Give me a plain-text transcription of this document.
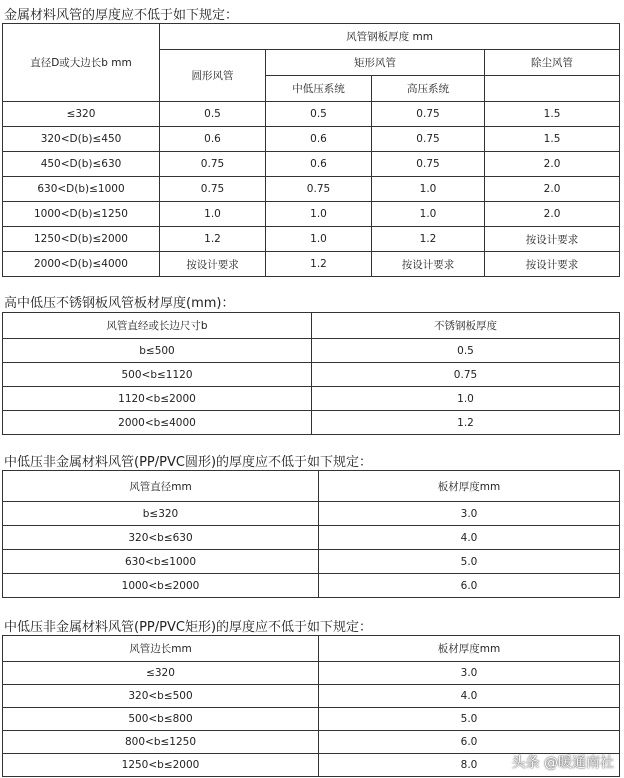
金属材料风管的厚度应不低于如下规定：
直径D或大边长b mm	风管钢板厚度 mm			
	圆形风管	矩形风管		除尘风管
		中低压系统	高压系统	
≤320	0.5	0.5	0.75	1.5
320<D(b)≤450	0.6	0.6	0.75	1.5
450<D(b)≤630	0.75	0.6	0.75	2.0
630<D(b)≤1000	0.75	0.75	1.0	2.0
1000<D(b)≤1250	1.0	1.0	1.0	2.0
1250<D(b)≤2000	1.2	1.0	1.2	按设计要求
2000<D(b)≤4000	按设计要求	1.2	按设计要求	按设计要求
高中低压不锈钢板风管板材厚度(mm)：
风管直经或长边尺寸b	不锈钢板厚度
b≤500	0.5
500<b≤1120	0.75
1120<b≤2000	1.0
2000<b≤4000	1.2
中低压非金属材料风管(PP/PVC圆形)的厚度应不低于如下规定：
风管直径mm	板材厚度mm
b≤320	3.0
320<b≤630	4.0
630<b≤1000	5.0
1000<b≤2000	6.0
中低压非金属材料风管(PP/PVC矩形)的厚度应不低于如下规定：
风管边长mm	板材厚度mm
≤320	3.0
320<b≤500	4.0
500<b≤800	5.0
800<b≤1250	6.0
1250<b≤2000	8.0 头条 @暖通南社
